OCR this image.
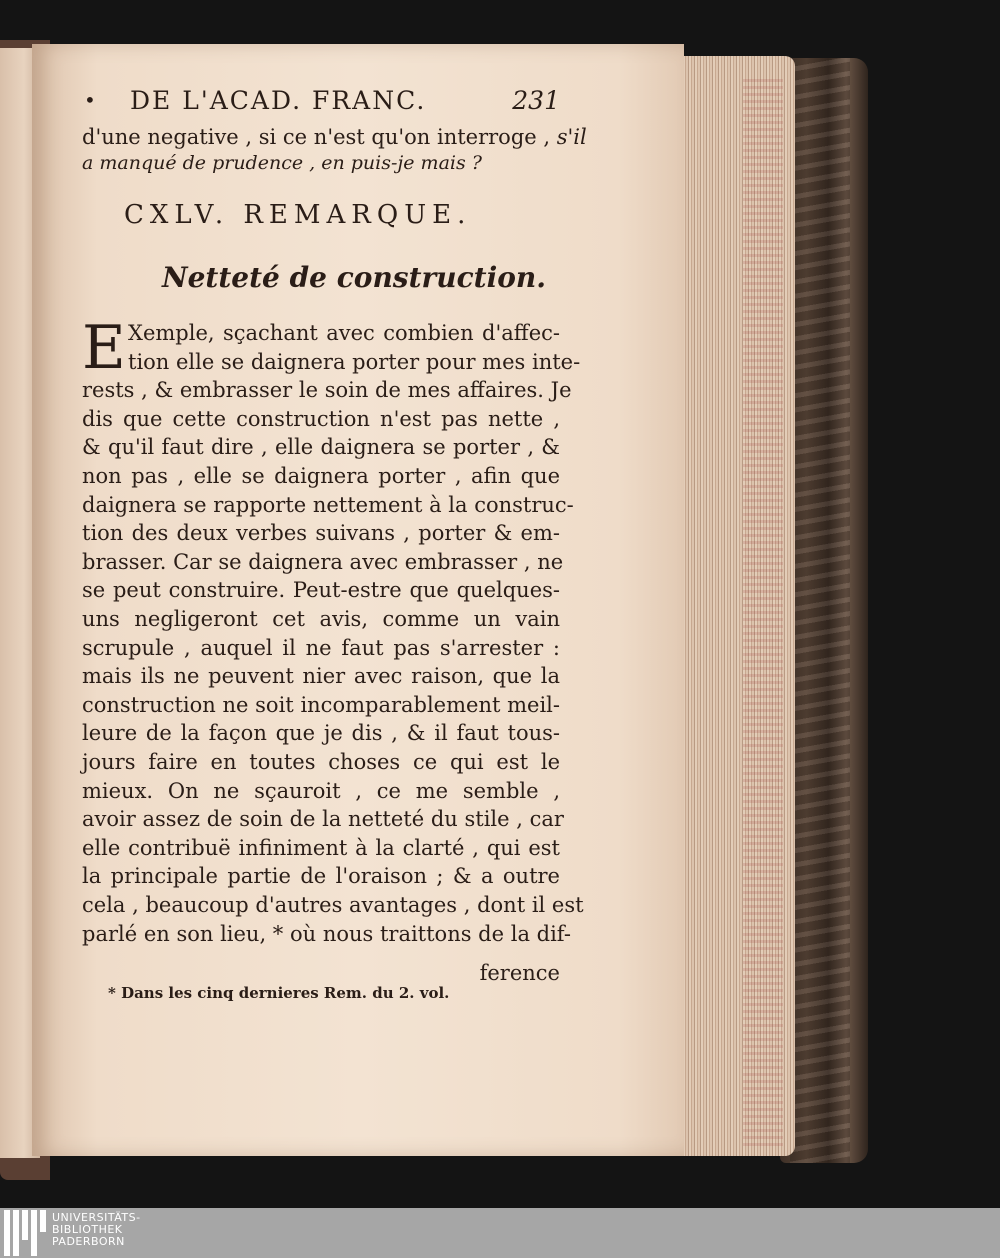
• DE L'ACAD. FRANC.	231
d'une negative , si ce n'est qu'on interroge , s'il
a manqué de prudence , en puis-je mais ?
CXLV. REMARQUE.
Netteté de construction.
E Xemple, sçachant avec combien d'affec-
tion elle se daignera porter pour mes inte-
rests , & embrasser le soin de mes affaires. Je
dis que cette construction n'est pas nette ,
& qu'il faut dire , elle daignera se porter , &
non pas , elle se daignera porter , afin que
daignera se rapporte nettement à la construc-
tion des deux verbes suivans , porter & em-
brasser. Car se daignera avec embrasser , ne
se peut construire. Peut-estre que quelques-
uns negligeront cet avis, comme un vain
scrupule , auquel il ne faut pas s'arrester :
mais ils ne peuvent nier avec raison, que la
construction ne soit incomparablement meil-
leure de la façon que je dis , & il faut tous-
jours faire en toutes choses ce qui est le
mieux. On ne sçauroit , ce me semble ,
avoir assez de soin de la netteté du stile , car
elle contribuë infiniment à la clarté , qui est
la principale partie de l'oraison ; & a outre
cela , beaucoup d'autres avantages , dont il est
parlé en son lieu, * où nous traittons de la dif-
ference
* Dans les cinq dernieres Rem. du 2. vol.
UNIVERSITÄTS-
BIBLIOTHEK
PADERBORN
